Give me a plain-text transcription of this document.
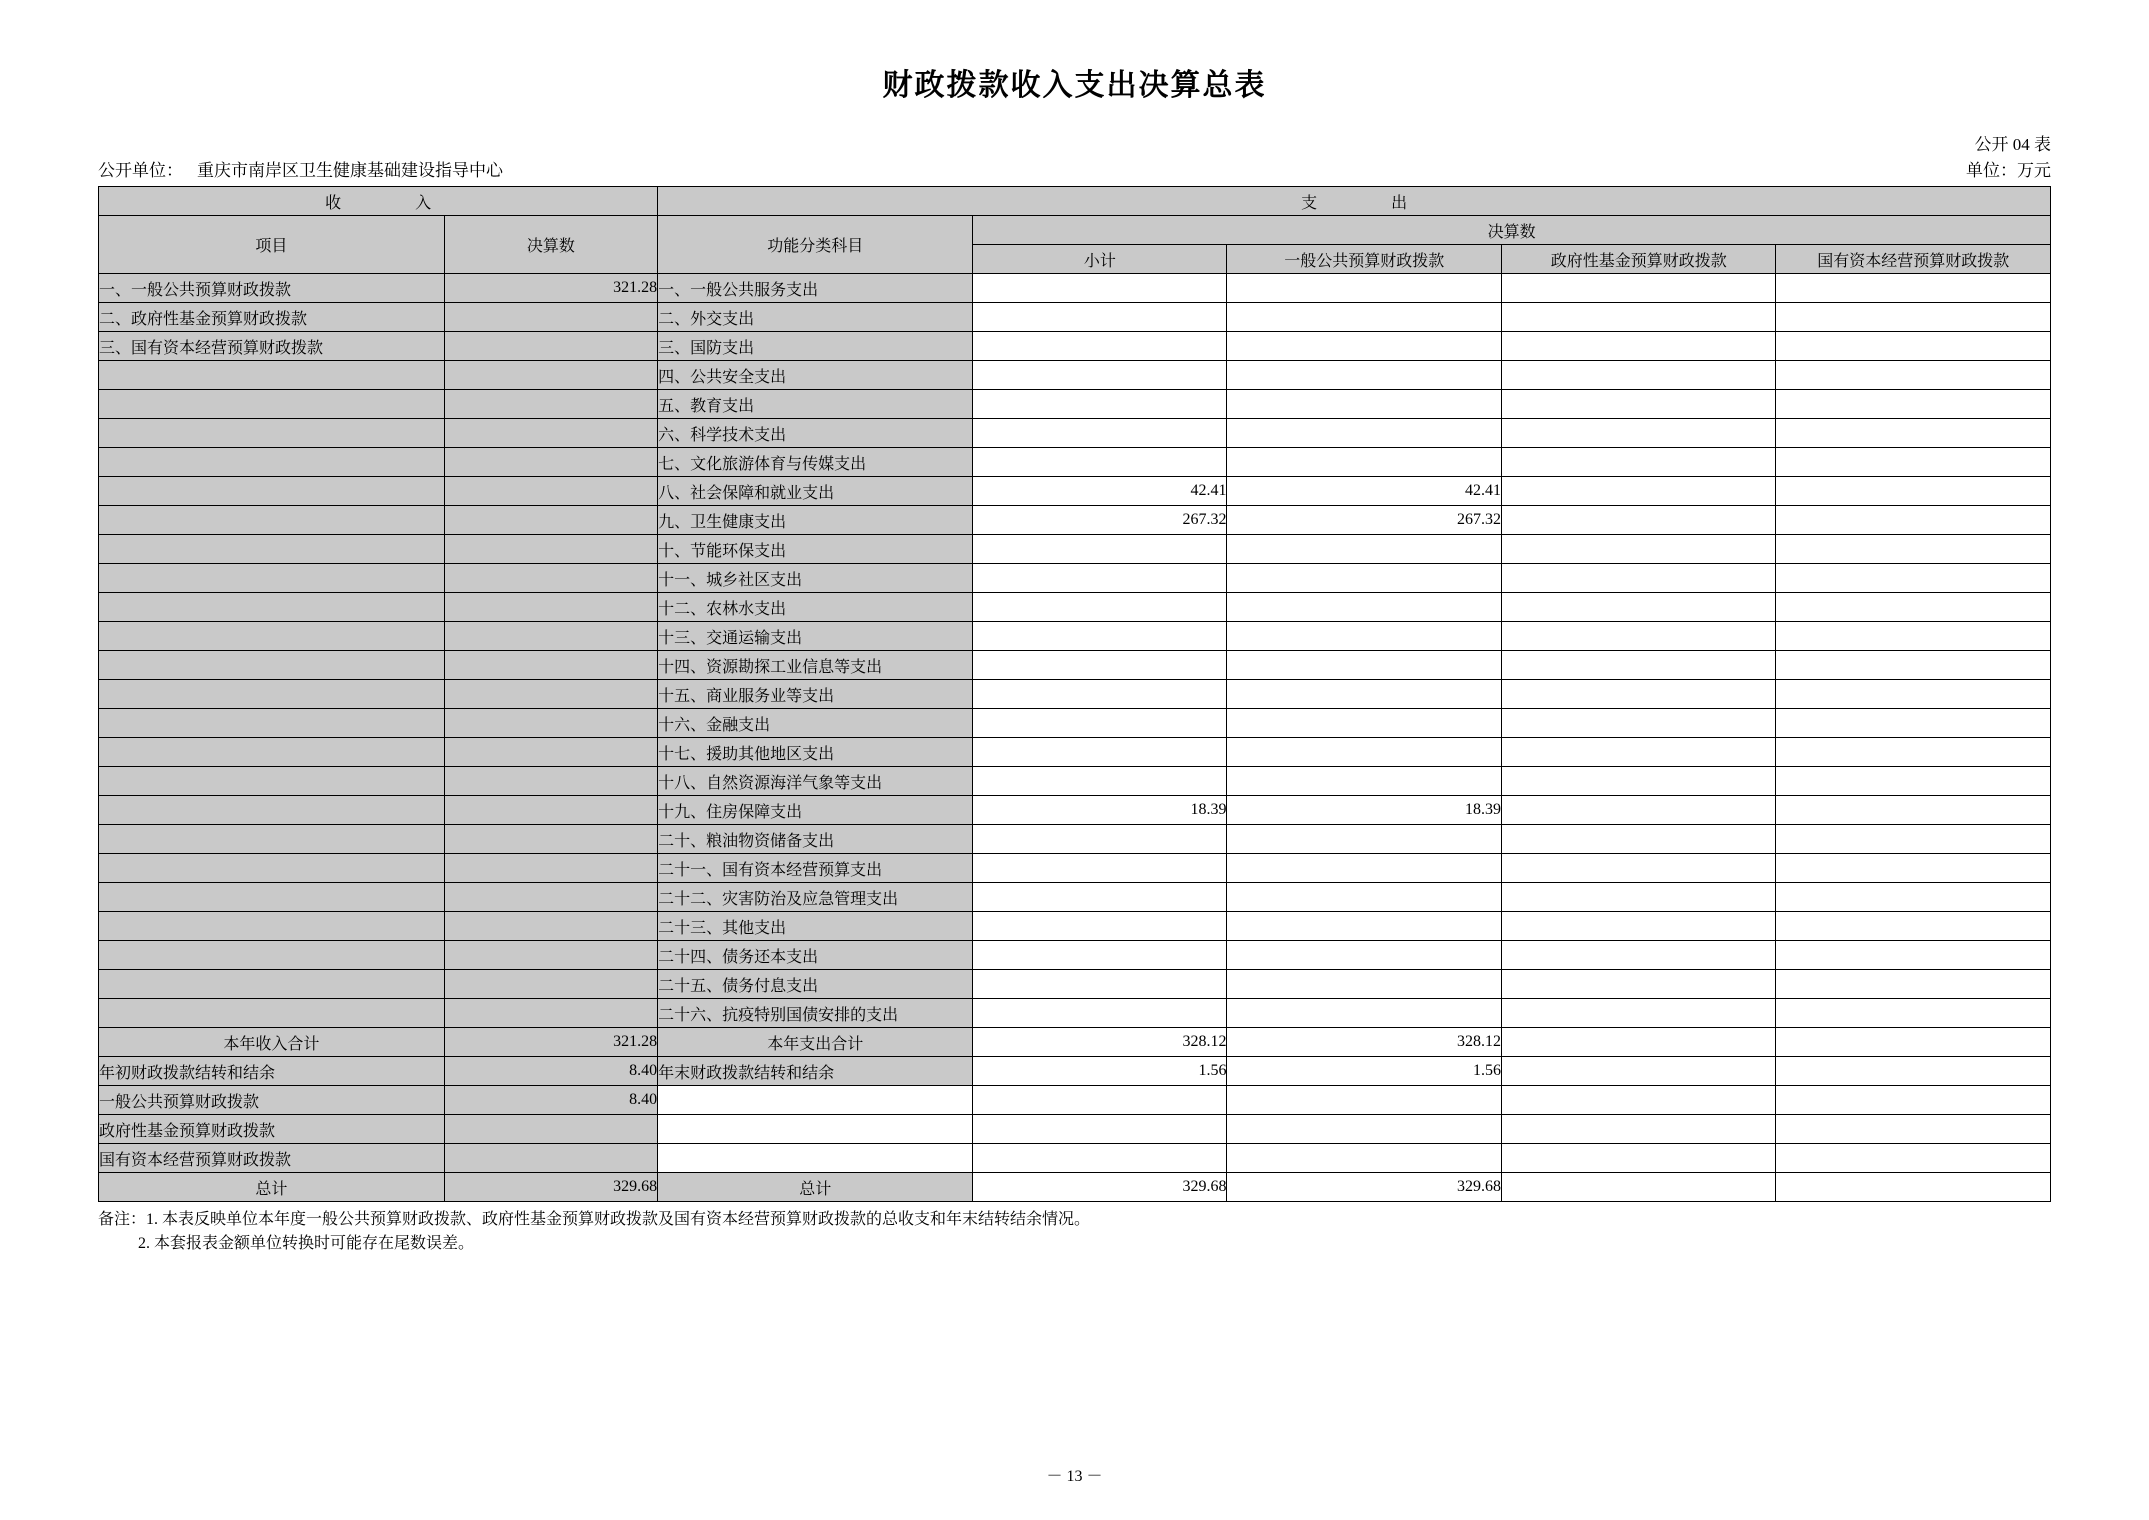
财政拨款收入支出决算总表
公开 04 表
公开单位： 重庆市南岸区卫生健康基础建设指导中心	单位：万元
收　　入		支　　出				
项目	决算数	功能分类科目	决算数			
			小计	一般公共预算财政拨款	政府性基金预算财政拨款	国有资本经营预算财政拨款
一、一般公共预算财政拨款	321.28	一、一般公共服务支出				
二、政府性基金预算财政拨款		二、外交支出				
三、国有资本经营预算财政拨款		三、国防支出				
		四、公共安全支出				
		五、教育支出				
		六、科学技术支出				
		七、文化旅游体育与传媒支出				
		八、社会保障和就业支出	42.41	42.41		
		九、卫生健康支出	267.32	267.32		
		十、节能环保支出				
		十一、城乡社区支出				
		十二、农林水支出				
		十三、交通运输支出				
		十四、资源勘探工业信息等支出				
		十五、商业服务业等支出				
		十六、金融支出				
		十七、援助其他地区支出				
		十八、自然资源海洋气象等支出				
		十九、住房保障支出	18.39	18.39		
		二十、粮油物资储备支出				
		二十一、国有资本经营预算支出				
		二十二、灾害防治及应急管理支出				
		二十三、其他支出				
		二十四、债务还本支出				
		二十五、债务付息支出				
		二十六、抗疫特别国债安排的支出				
本年收入合计	321.28	本年支出合计	328.12	328.12		
年初财政拨款结转和结余	8.40	年末财政拨款结转和结余	1.56	1.56		
一般公共预算财政拨款	8.40					
政府性基金预算财政拨款						
国有资本经营预算财政拨款						
总计	329.68	总计	329.68	329.68		
备注：1. 本表反映单位本年度一般公共预算财政拨款、政府性基金预算财政拨款及国有资本经营预算财政拨款的总收支和年末结转结余情况。
2. 本套报表金额单位转换时可能存在尾数误差。
－ 13 －
